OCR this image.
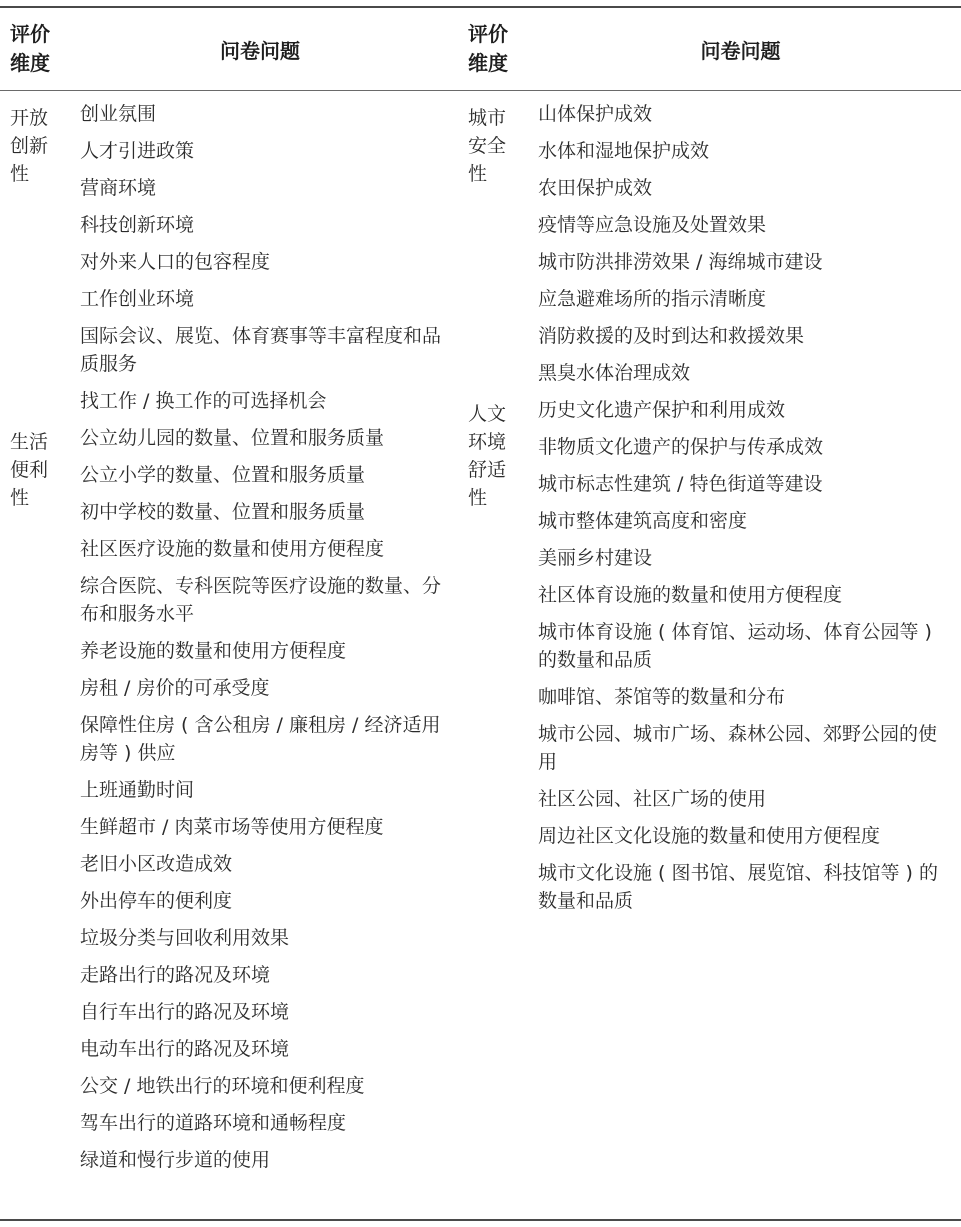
评价
维度
问卷问题
评价
维度
问卷问题
开放
创新
性
创业氛围
人才引进政策
营商环境
科技创新环境
对外来人口的包容程度
工作创业环境
国际会议、展览、体育赛事等丰富程度和品质服务
找工作 / 换工作的可选择机会
生活
便利
性
公立幼儿园的数量、位置和服务质量
公立小学的数量、位置和服务质量
初中学校的数量、位置和服务质量
社区医疗设施的数量和使用方便程度
综合医院、专科医院等医疗设施的数量、分布和服务水平
养老设施的数量和使用方便程度
房租 / 房价的可承受度
保障性住房 ( 含公租房 / 廉租房 / 经济适用房等 ) 供应
上班通勤时间
生鲜超市 / 肉菜市场等使用方便程度
老旧小区改造成效
外出停车的便利度
垃圾分类与回收利用效果
走路出行的路况及环境
自行车出行的路况及环境
电动车出行的路况及环境
公交 / 地铁出行的环境和便利程度
驾车出行的道路环境和通畅程度
绿道和慢行步道的使用
城市
安全
性
山体保护成效
水体和湿地保护成效
农田保护成效
疫情等应急设施及处置效果
城市防洪排涝效果 / 海绵城市建设
应急避难场所的指示清晰度
消防救援的及时到达和救援效果
黑臭水体治理成效
人文
环境
舒适
性
历史文化遗产保护和利用成效
非物质文化遗产的保护与传承成效
城市标志性建筑 / 特色街道等建设
城市整体建筑高度和密度
美丽乡村建设
社区体育设施的数量和使用方便程度
城市体育设施 ( 体育馆、运动场、体育公园等 ) 的数量和品质
咖啡馆、茶馆等的数量和分布
城市公园、城市广场、森林公园、郊野公园的使用
社区公园、社区广场的使用
周边社区文化设施的数量和使用方便程度
城市文化设施 ( 图书馆、展览馆、科技馆等 ) 的数量和品质
